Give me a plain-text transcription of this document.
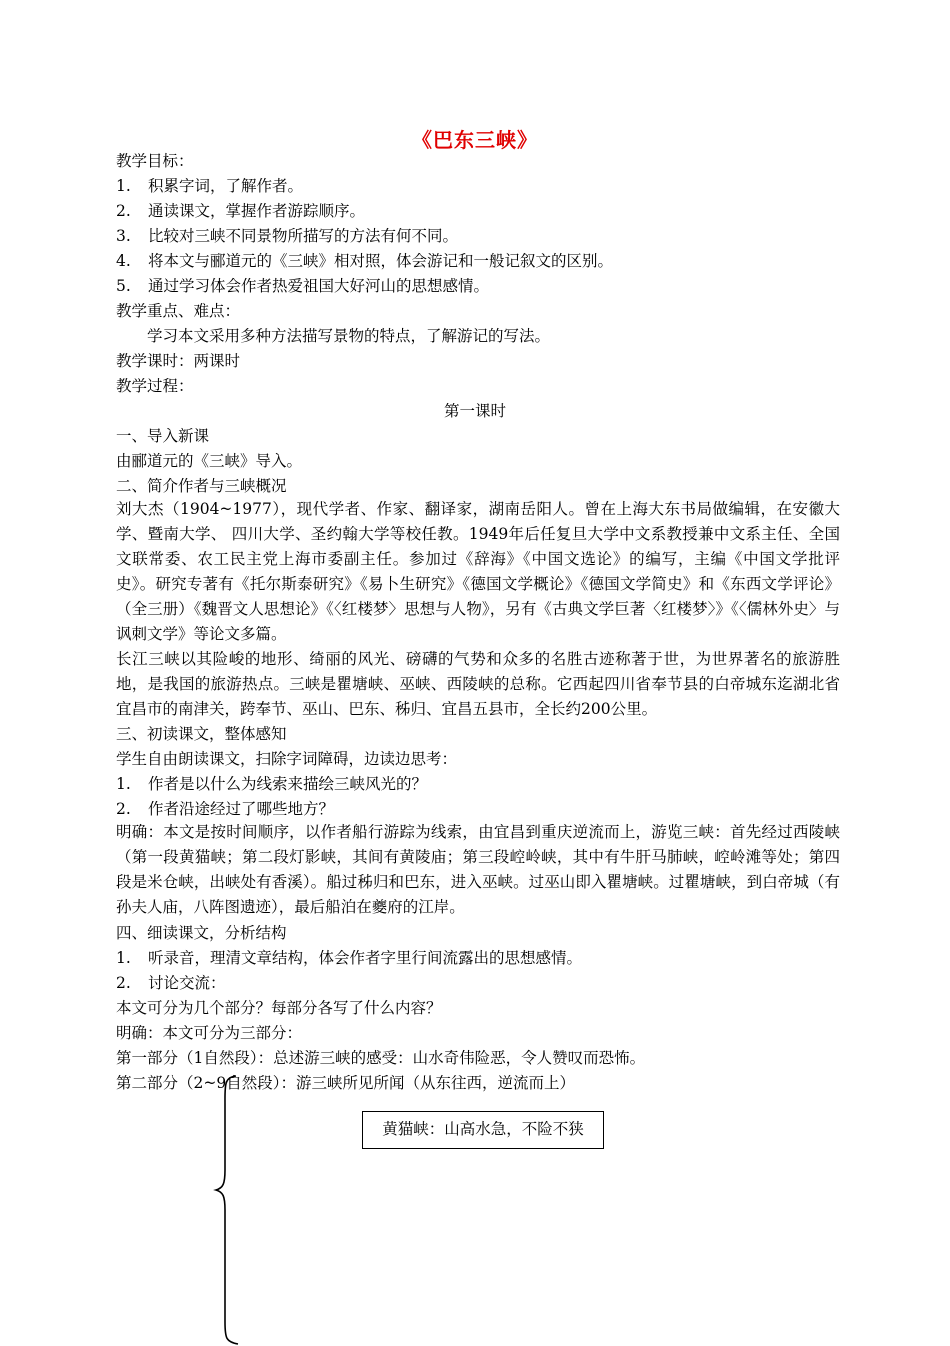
《巴东三峡》
教学目标：
1. 积累字词，了解作者。
2. 通读课文，掌握作者游踪顺序。
3. 比较对三峡不同景物所描写的方法有何不同。
4. 将本文与郦道元的《三峡》相对照，体会游记和一般记叙文的区别。
5. 通过学习体会作者热爱祖国大好河山的思想感情。
教学重点、难点：
学习本文采用多种方法描写景物的特点，了解游记的写法。
教学课时：两课时
教学过程：
第一课时
一、导入新课
由郦道元的《三峡》导入。
二、简介作者与三峡概况
刘大杰（1904~1977），现代学者、作家、翻译家，湖南岳阳人。曾在上海大东书局做编辑，在安徽大学、暨南大学、 四川大学、圣约翰大学等校任教。1949年后任复旦大学中文系教授兼中文系主任、全国文联常委、农工民主党上海市委副主任。参加过《辞海》《中国文选论》的编写，主编《中国文学批评史》。研究专著有《托尔斯泰研究》《易卜生研究》《德国文学概论》《德国文学简史》和《东西文学评论》（全三册）《魏晋文人思想论》《〈红楼梦〉思想与人物》，另有《古典文学巨著〈红楼梦〉》《〈儒林外史〉与讽刺文学》等论文多篇。
长江三峡以其险峻的地形、绮丽的风光、磅礴的气势和众多的名胜古迹称著于世，为世界著名的旅游胜地，是我国的旅游热点。三峡是瞿塘峡、巫峡、西陵峡的总称。它西起四川省奉节县的白帝城东迄湖北省宜昌市的南津关，跨奉节、巫山、巴东、秭归、宜昌五县市，全长约200公里。
三、初读课文，整体感知
学生自由朗读课文，扫除字词障碍，边读边思考：
1. 作者是以什么为线索来描绘三峡风光的？
2. 作者沿途经过了哪些地方？
明确：本文是按时间顺序，以作者船行游踪为线索，由宜昌到重庆逆流而上，游览三峡：首先经过西陵峡（第一段黄猫峡；第二段灯影峡，其间有黄陵庙；第三段崆岭峡，其中有牛肝马肺峡，崆岭滩等处；第四段是米仓峡，出峡处有香溪）。船过秭归和巴东，进入巫峡。过巫山即入瞿塘峡。过瞿塘峡，到白帝城（有孙夫人庙，八阵图遗迹），最后船泊在夔府的江岸。
四、细读课文，分析结构
1. 听录音，理清文章结构，体会作者字里行间流露出的思想感情。
2. 讨论交流：
本文可分为几个部分？每部分各写了什么内容？
明确：本文可分为三部分：
第一部分（1自然段）：总述游三峡的感受：山水奇伟险恶，令人赞叹而恐怖。
第二部分（2~9自然段）：游三峡所见所闻（从东往西，逆流而上）
黄猫峡：山高水急，不险不狭
